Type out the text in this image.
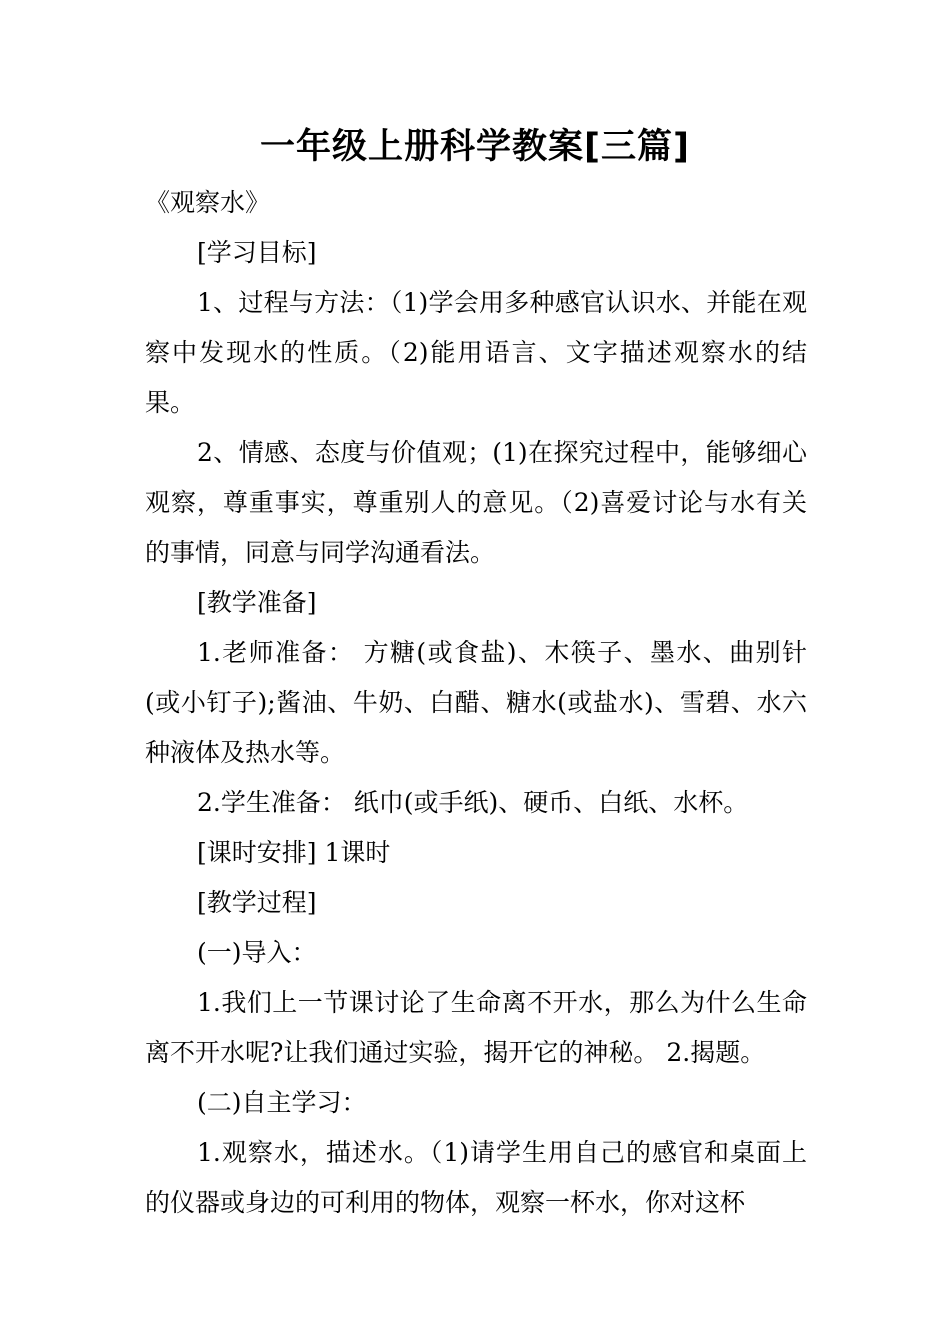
一年级上册科学教案[三篇]

《观察水》

[学习目标]

1、过程与方法：（1)学会用多种感官认识水、并能在观察中发现水的性质。（2)能用语言、文字描述观察水的结果。

2、情感、态度与价值观；(1)在探究过程中，能够细心观察，尊重事实，尊重别人的意见。（2)喜爱讨论与水有关的事情，同意与同学沟通看法。

[教学准备]

1.老师准备： 方糖(或食盐)、木筷子、墨水、曲别针(或小钉子);酱油、牛奶、白醋、糖水(或盐水)、雪碧、水六种液体及热水等。

2.学生准备： 纸巾(或手纸)、硬币、白纸、水杯。

[课时安排] 1课时

[教学过程]

(一)导入：

1.我们上一节课讨论了生命离不开水，那么为什么生命离不开水呢?让我们通过实验，揭开它的神秘。 2.揭题。

(二)自主学习：

1.观察水，描述水。（1)请学生用自己的感官和桌面上的仪器或身边的可利用的物体，观察一杯水，你对这杯
